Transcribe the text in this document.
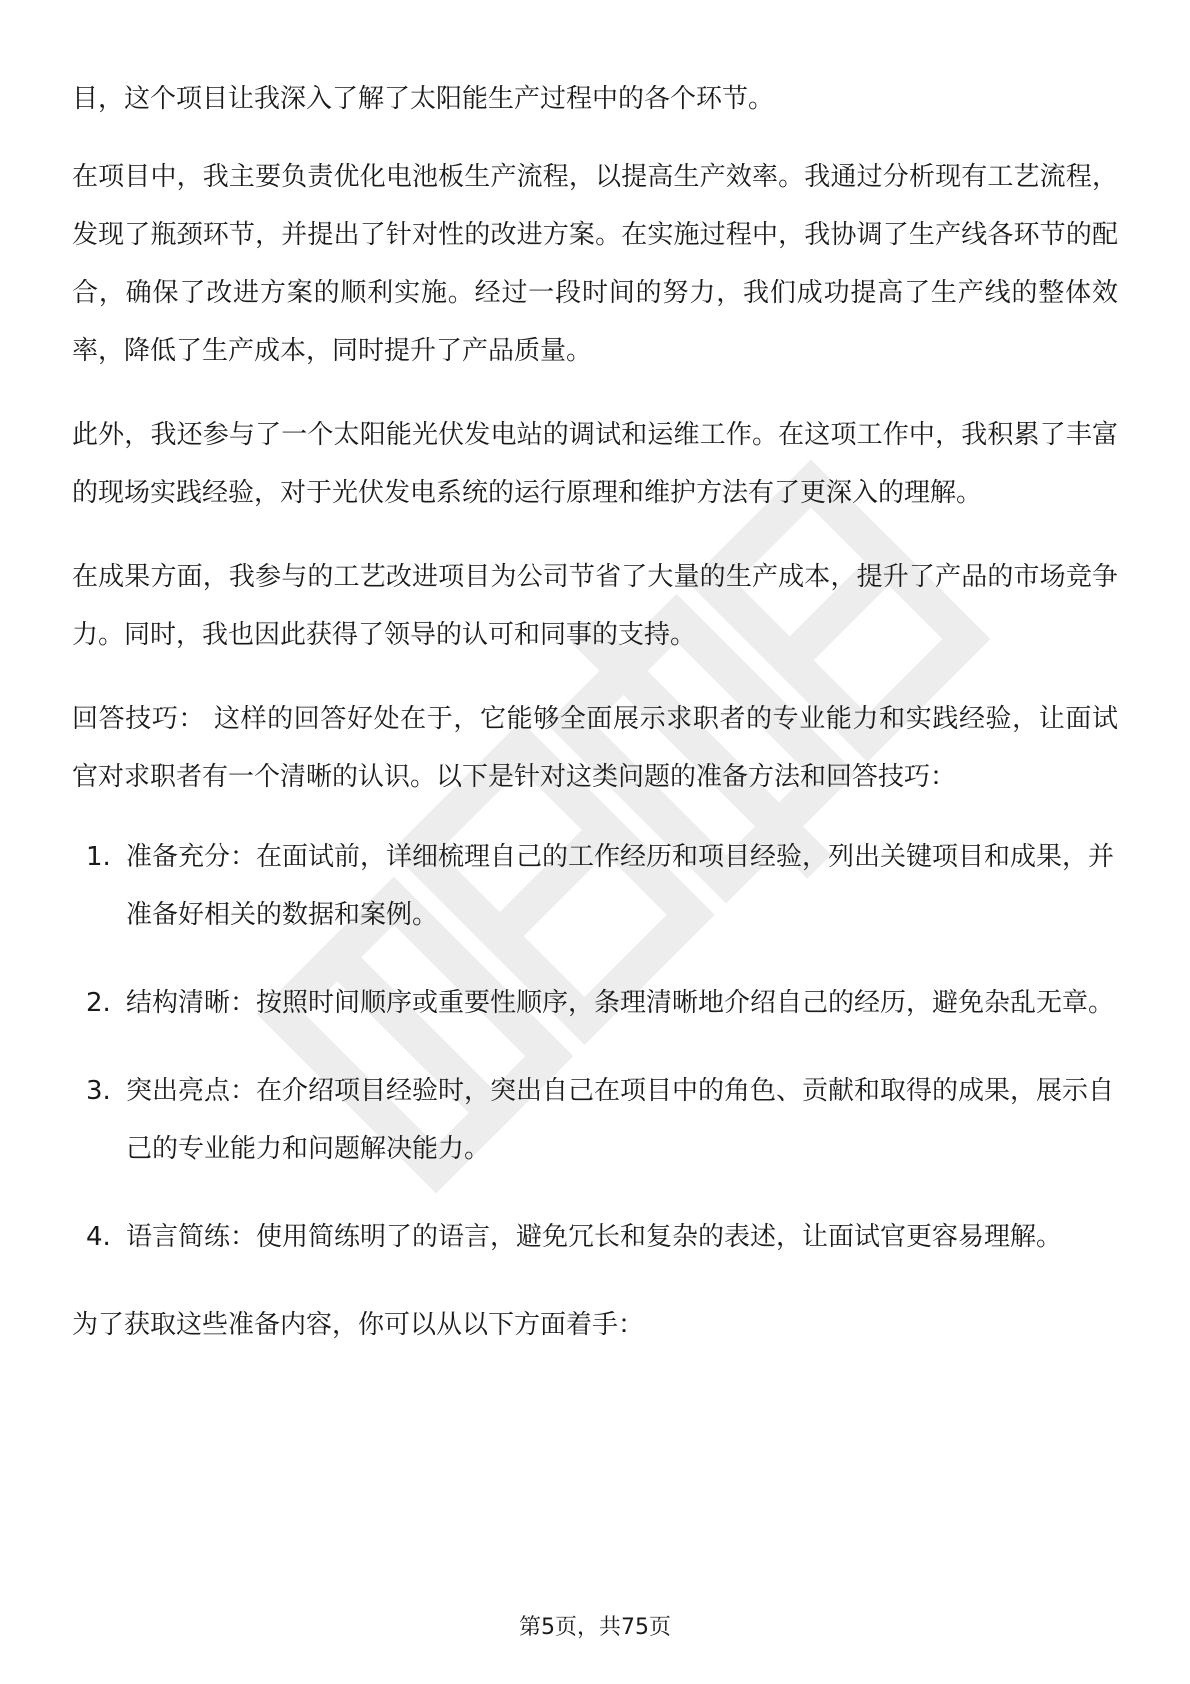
目，这个项目让我深入了解了太阳能生产过程中的各个环节。

在项目中，我主要负责优化电池板生产流程，以提高生产效率。我通过分析现有工艺流程，发现了瓶颈环节，并提出了针对性的改进方案。在实施过程中，我协调了生产线各环节的配合，确保了改进方案的顺利实施。经过一段时间的努力，我们成功提高了生产线的整体效率，降低了生产成本，同时提升了产品质量。

此外，我还参与了一个太阳能光伏发电站的调试和运维工作。在这项工作中，我积累了丰富的现场实践经验，对于光伏发电系统的运行原理和维护方法有了更深入的理解。

在成果方面，我参与的工艺改进项目为公司节省了大量的生产成本，提升了产品的市场竞争力。同时，我也因此获得了领导的认可和同事的支持。

回答技巧： 这样的回答好处在于，它能够全面展示求职者的专业能力和实践经验，让面试官对求职者有一个清晰的认识。以下是针对这类问题的准备方法和回答技巧：

1. 准备充分：在面试前，详细梳理自己的工作经历和项目经验，列出关键项目和成果，并准备好相关的数据和案例。
2. 结构清晰：按照时间顺序或重要性顺序，条理清晰地介绍自己的经历，避免杂乱无章。
3. 突出亮点：在介绍项目经验时，突出自己在项目中的角色、贡献和取得的成果，展示自己的专业能力和问题解决能力。
4. 语言简练：使用简练明了的语言，避免冗长和复杂的表述，让面试官更容易理解。

为了获取这些准备内容，你可以从以下方面着手：

第5页，共75页
